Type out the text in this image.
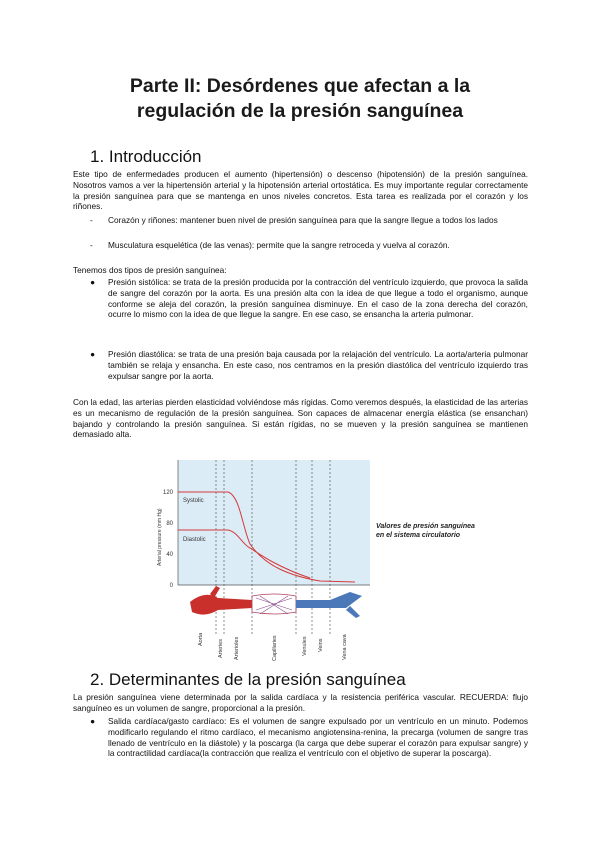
Parte II: Desórdenes que afectan a la
regulación de la presión sanguínea
1. Introducción
Este tipo de enfermedades producen el aumento (hipertensión) o descenso (hipotensión) de la presión sanguínea. Nosotros vamos a ver la hipertensión arterial y la hipotensión arterial ortostática. Es muy importante regular correctamente la presión sanguínea para que se mantenga en unos niveles concretos. Esta tarea es realizada por el corazón y los riñones.
- Corazón y riñones: mantener buen nivel de presión sanguínea para que la sangre llegue a todos los lados
- Musculatura esquelética (de las venas): permite que la sangre retroceda y vuelva al corazón.
Tenemos dos tipos de presión sanguínea:
● Presión sistólica: se trata de la presión producida por la contracción del ventrículo izquierdo, que provoca la salida de sangre del corazón por la aorta. Es una presión alta con la idea de que llegue a todo el organismo, aunque conforme se aleja del corazón, la presión sanguínea disminuye. En el caso de la zona derecha del corazón, ocurre lo mismo con la idea de que llegue la sangre. En ese caso, se ensancha la arteria pulmonar.
● Presión diastólica: se trata de una presión baja causada por la relajación del ventrículo. La aorta/arteria pulmonar también se relaja y ensancha. En este caso, nos centramos en la presión diastólica del ventrículo izquierdo tras expulsar sangre por la aorta.
Con la edad, las arterias pierden elasticidad volviéndose más rígidas. Como veremos después, la elasticidad de las arterias es un mecanismo de regulación de la presión sanguínea. Son capaces de almacenar energía elástica (se ensanchan) bajando y controlando la presión sanguínea. Si están rígidas, no se mueven y la presión sanguínea se mantienen demasiado alta.
120
80
40
0
Arterial pressure (mm Hg)
Systolic
Diastolic
Aorta	Arteries Arterioles	Capillaries	Venules Veins	Vena cava
Valores de presión sanguínea
en el sistema circulatorio
2. Determinantes de la presión sanguínea
La presión sanguínea viene determinada por la salida cardíaca y la resistencia periférica vascular. RECUERDA: flujo sanguíneo es un volumen de sangre, proporcional a la presión.
● Salida cardíaca/gasto cardíaco: Es el volumen de sangre expulsado por un ventrículo en un minuto. Podemos modificarlo regulando el ritmo cardíaco, el mecanismo angiotensina-renina, la precarga (volumen de sangre tras llenado de ventrículo en la diástole) y la poscarga (la carga que debe superar el corazón para expulsar sangre) y la contractilidad cardíaca(la contracción que realiza el ventrículo con el objetivo de superar la poscarga).
